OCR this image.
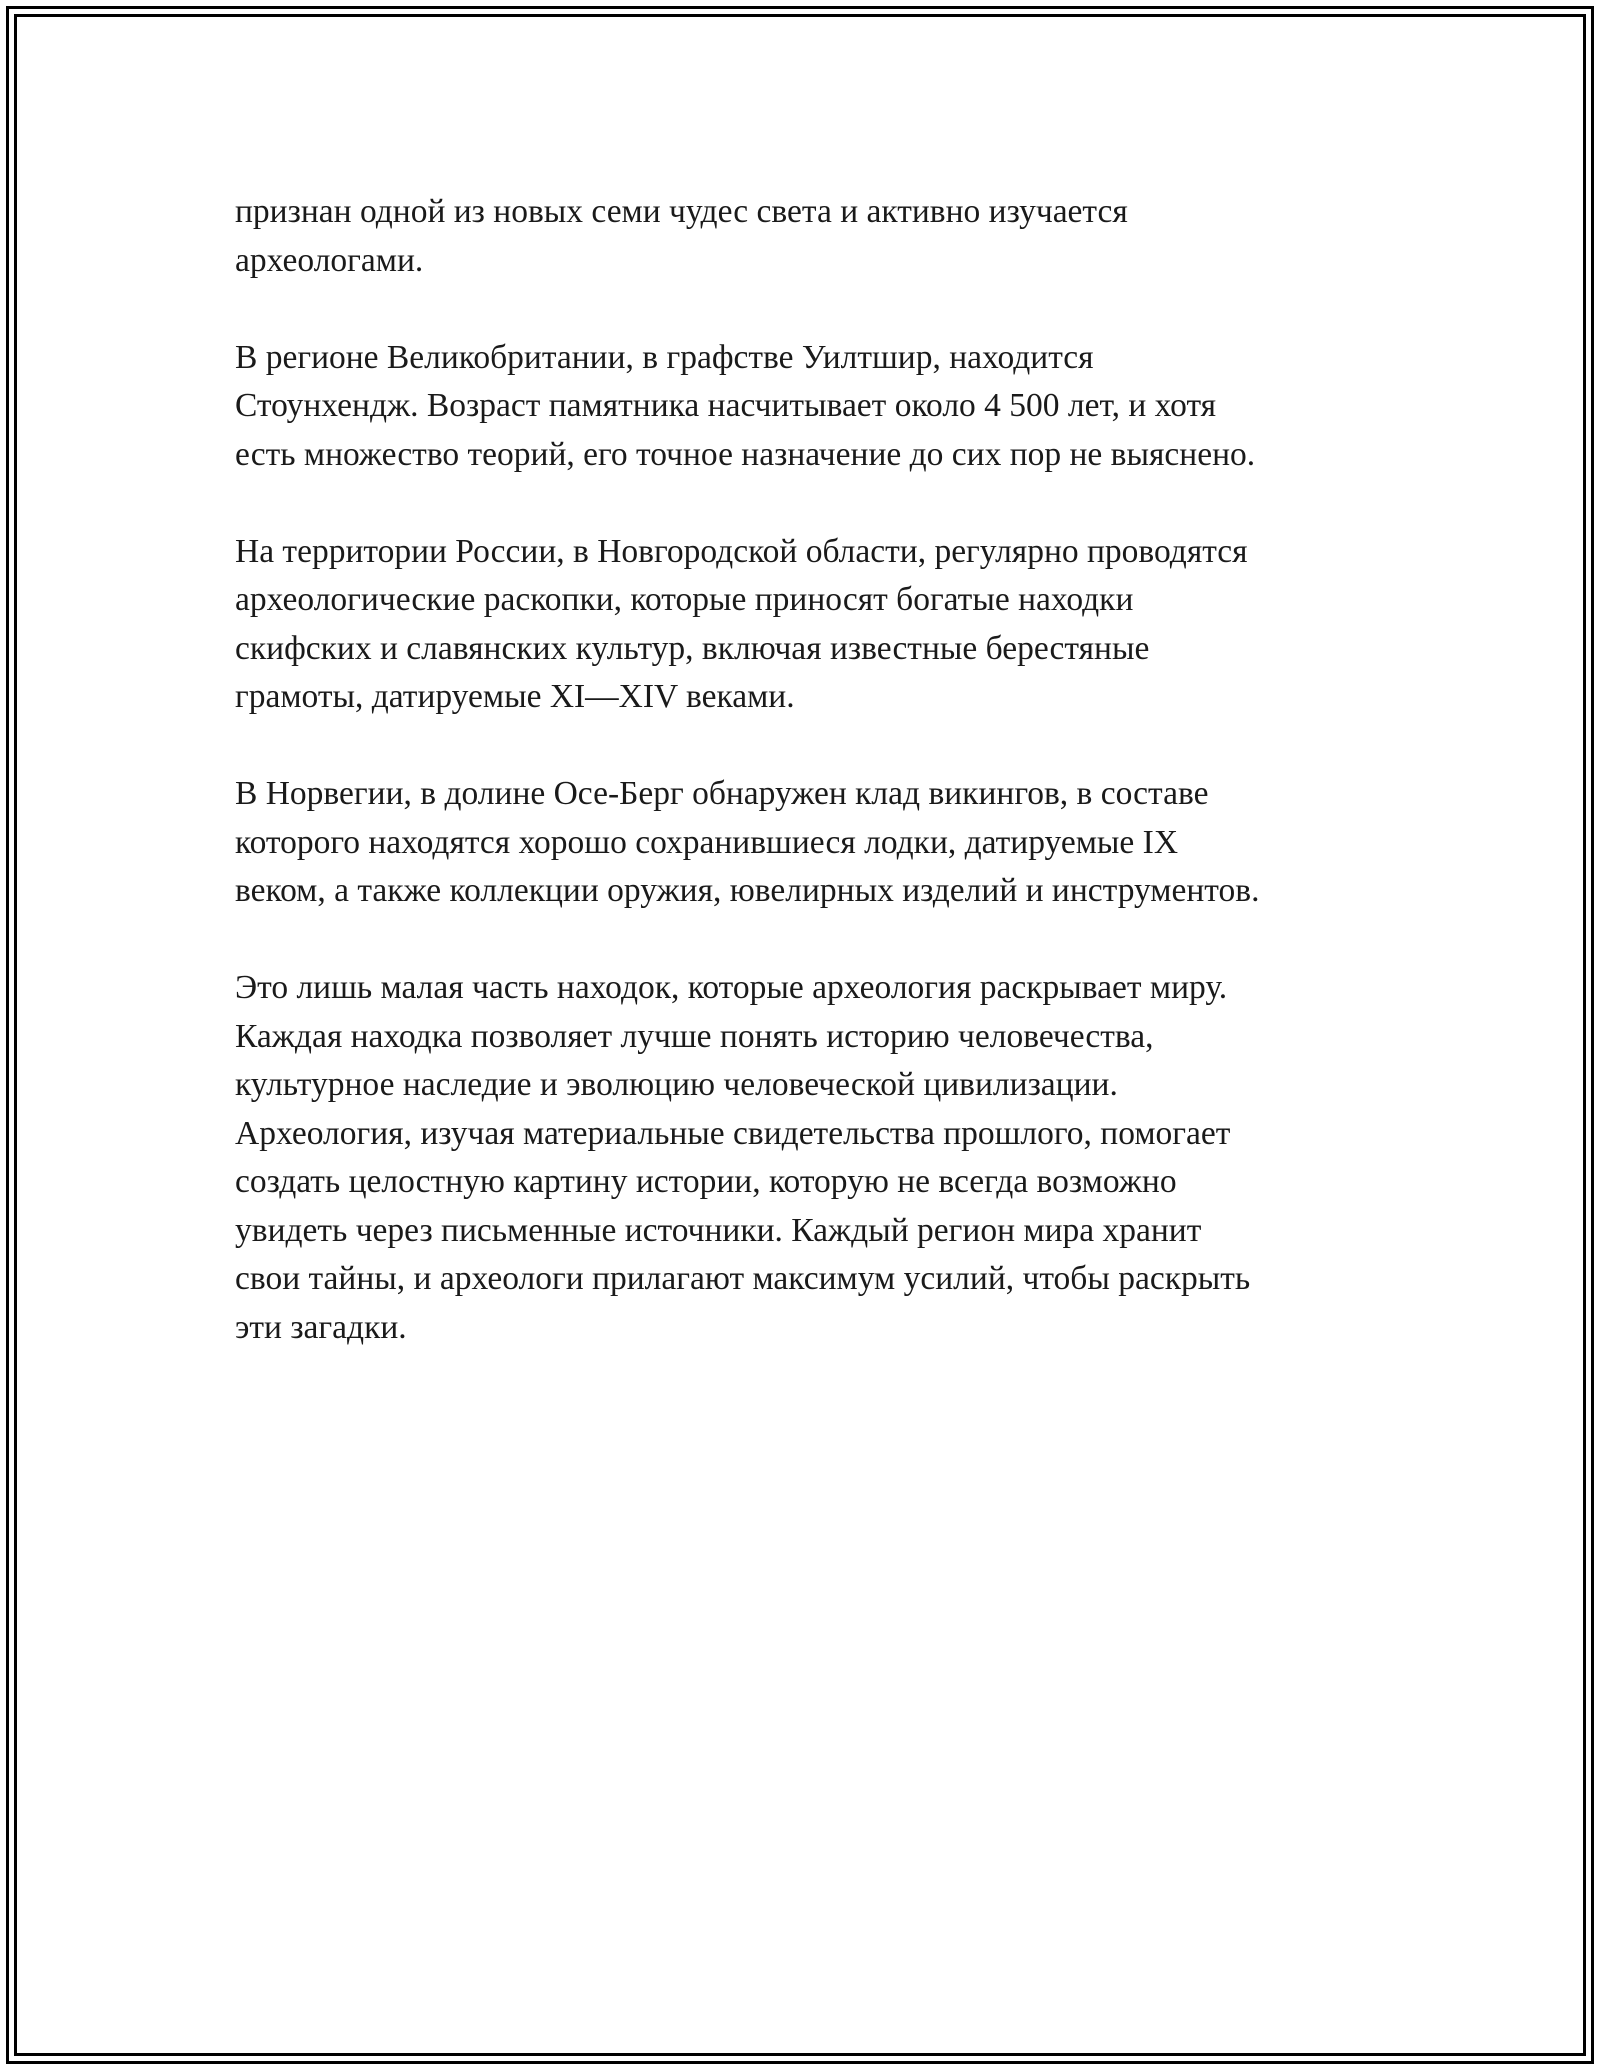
признан одной из новых семи чудес света и активно изучается
археологами.

В регионе Великобритании, в графстве Уилтшир, находится
Стоунхендж. Возраст памятника насчитывает около 4 500 лет, и хотя
есть множество теорий, его точное назначение до сих пор не выяснено.

На территории России, в Новгородской области, регулярно проводятся
археологические раскопки, которые приносят богатые находки
скифских и славянских культур, включая известные берестяные
грамоты, датируемые XI—XIV веками.

В Норвегии, в долине Осе-Берг обнаружен клад викингов, в составе
которого находятся хорошо сохранившиеся лодки, датируемые IX
веком, а также коллекции оружия, ювелирных изделий и инструментов.

Это лишь малая часть находок, которые археология раскрывает миру.
Каждая находка позволяет лучше понять историю человечества,
культурное наследие и эволюцию человеческой цивилизации.
Археология, изучая материальные свидетельства прошлого, помогает
создать целостную картину истории, которую не всегда возможно
увидеть через письменные источники. Каждый регион мира хранит
свои тайны, и археологи прилагают максимум усилий, чтобы раскрыть
эти загадки.
